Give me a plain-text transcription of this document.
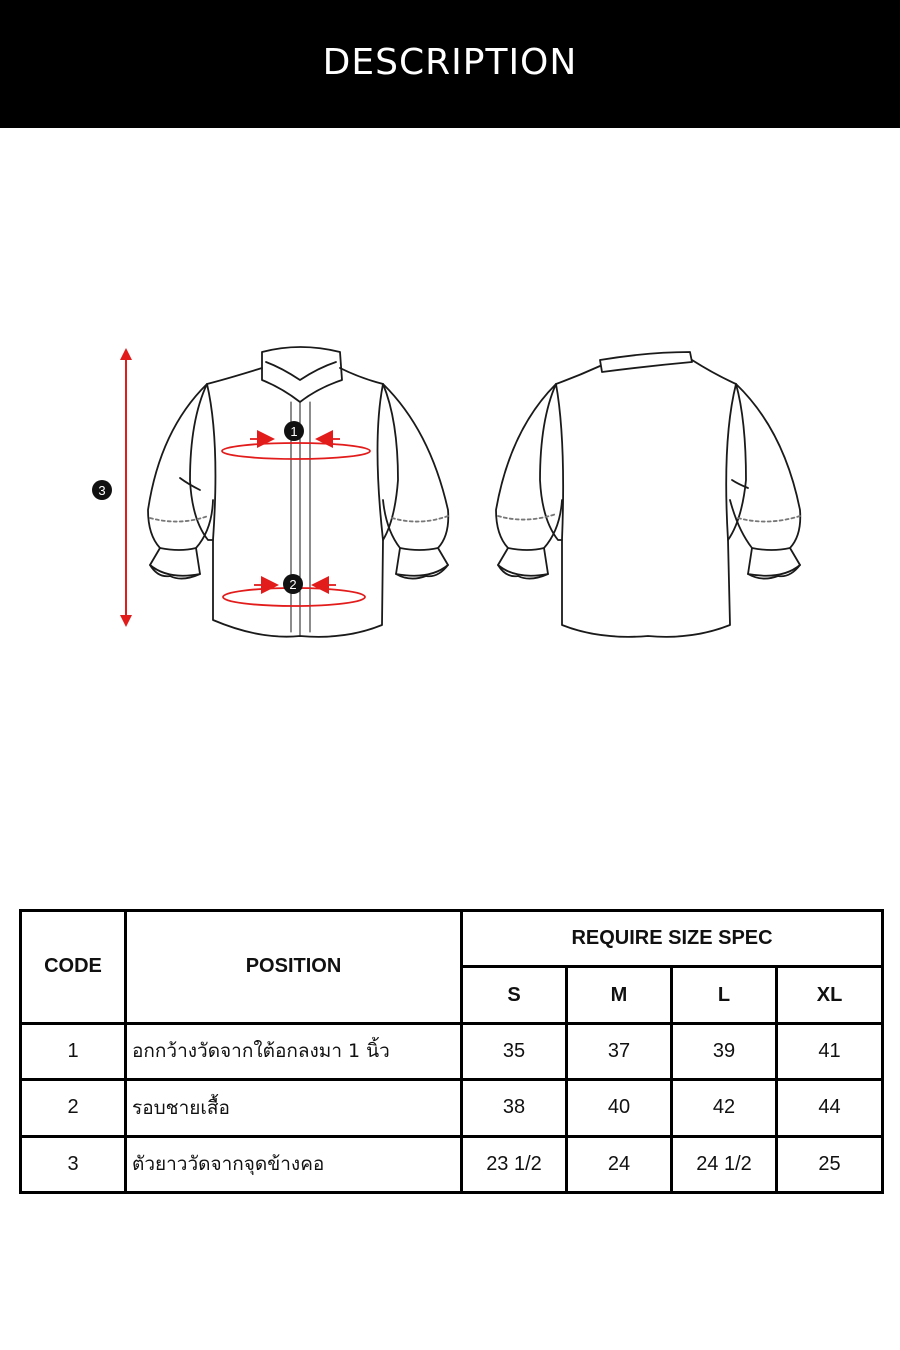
DESCRIPTION
1
2
3
CODE	POSITION	REQUIRE SIZE SPEC			
		S	M	L	XL
1	อกกว้างวัดจากใต้อกลงมา 1 นิ้ว	35	37	39	41
2	รอบชายเสื้อ	38	40	42	44
3	ตัวยาววัดจากจุดข้างคอ	23 1/2	24	24 1/2	25
